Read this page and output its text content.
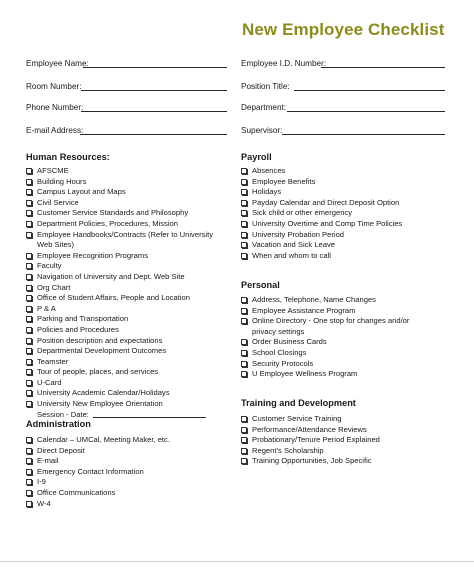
New Employee Checklist
Employee Name:
Room Number:
Phone Number:
E-mail Address:
Employee I.D. Number:
Position Title:
Department:
Supervisor:
Human Resources:
AFSCME
Building Hours
Campus Layout and Maps
Civil Service
Customer Service Standards and Philosophy
Department Policies, Procedures, Mission
Employee Handbooks/Contracts (Refer to University
Web Sites)
Employee Recognition Programs
Faculty
Navigation of University and Dept. Web Site
Org Chart
Office of Student Affairs, People and Location
P & A
Parking and Transportation
Policies and Procedures
Position description and expectations
Departmental Development Outcomes
Teamster
Tour of people, places, and services
U-Card
University Academic Calendar/Holidays
University New Employee Orientation
Session - Date:
Administration
Calendar – UMCal, Meeting Maker, etc.
Direct Deposit
E-mail
Emergency Contact Information
I-9
Office Communications
W-4
Payroll
Absences
Employee Benefits
Holidays
Payday Calendar and Direct Deposit Option
Sick child or other emergency
University Overtime and Comp Time Policies
University Probation Period
Vacation and Sick Leave
When and whom to call
Personal
Address, Telephone, Name Changes
Employee Assistance Program
Online Directory - One stop for changes and/or
privacy settings
Order Business Cards
School Closings
Security Protocols
U Employee Wellness Program
Training and Development
Customer Service Training
Performance/Attendance Reviews
Probationary/Tenure Period Explained
Regent’s Scholarship
Training Opportunities, Job Specific
